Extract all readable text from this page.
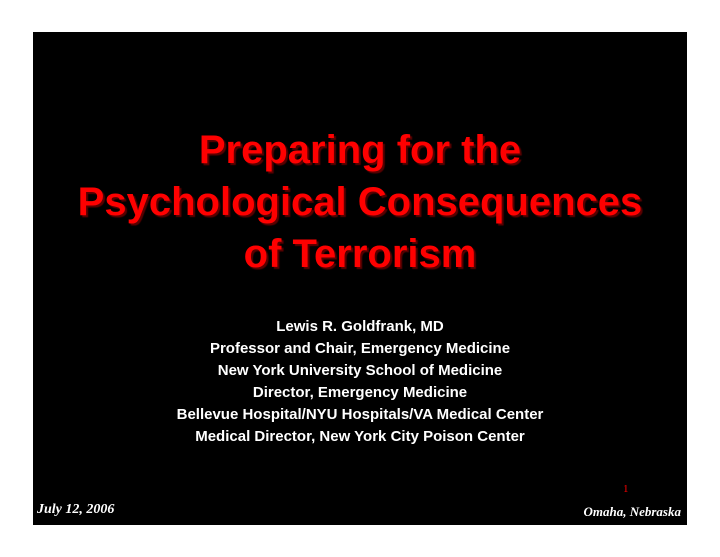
Preparing for the
Psychological Consequences
of Terrorism
Lewis R. Goldfrank, MD
Professor and Chair, Emergency Medicine
New York University School of Medicine
Director, Emergency Medicine
Bellevue Hospital/NYU Hospitals/VA Medical Center
Medical Director, New York City Poison Center
1
July 12, 2006	Omaha, Nebraska
